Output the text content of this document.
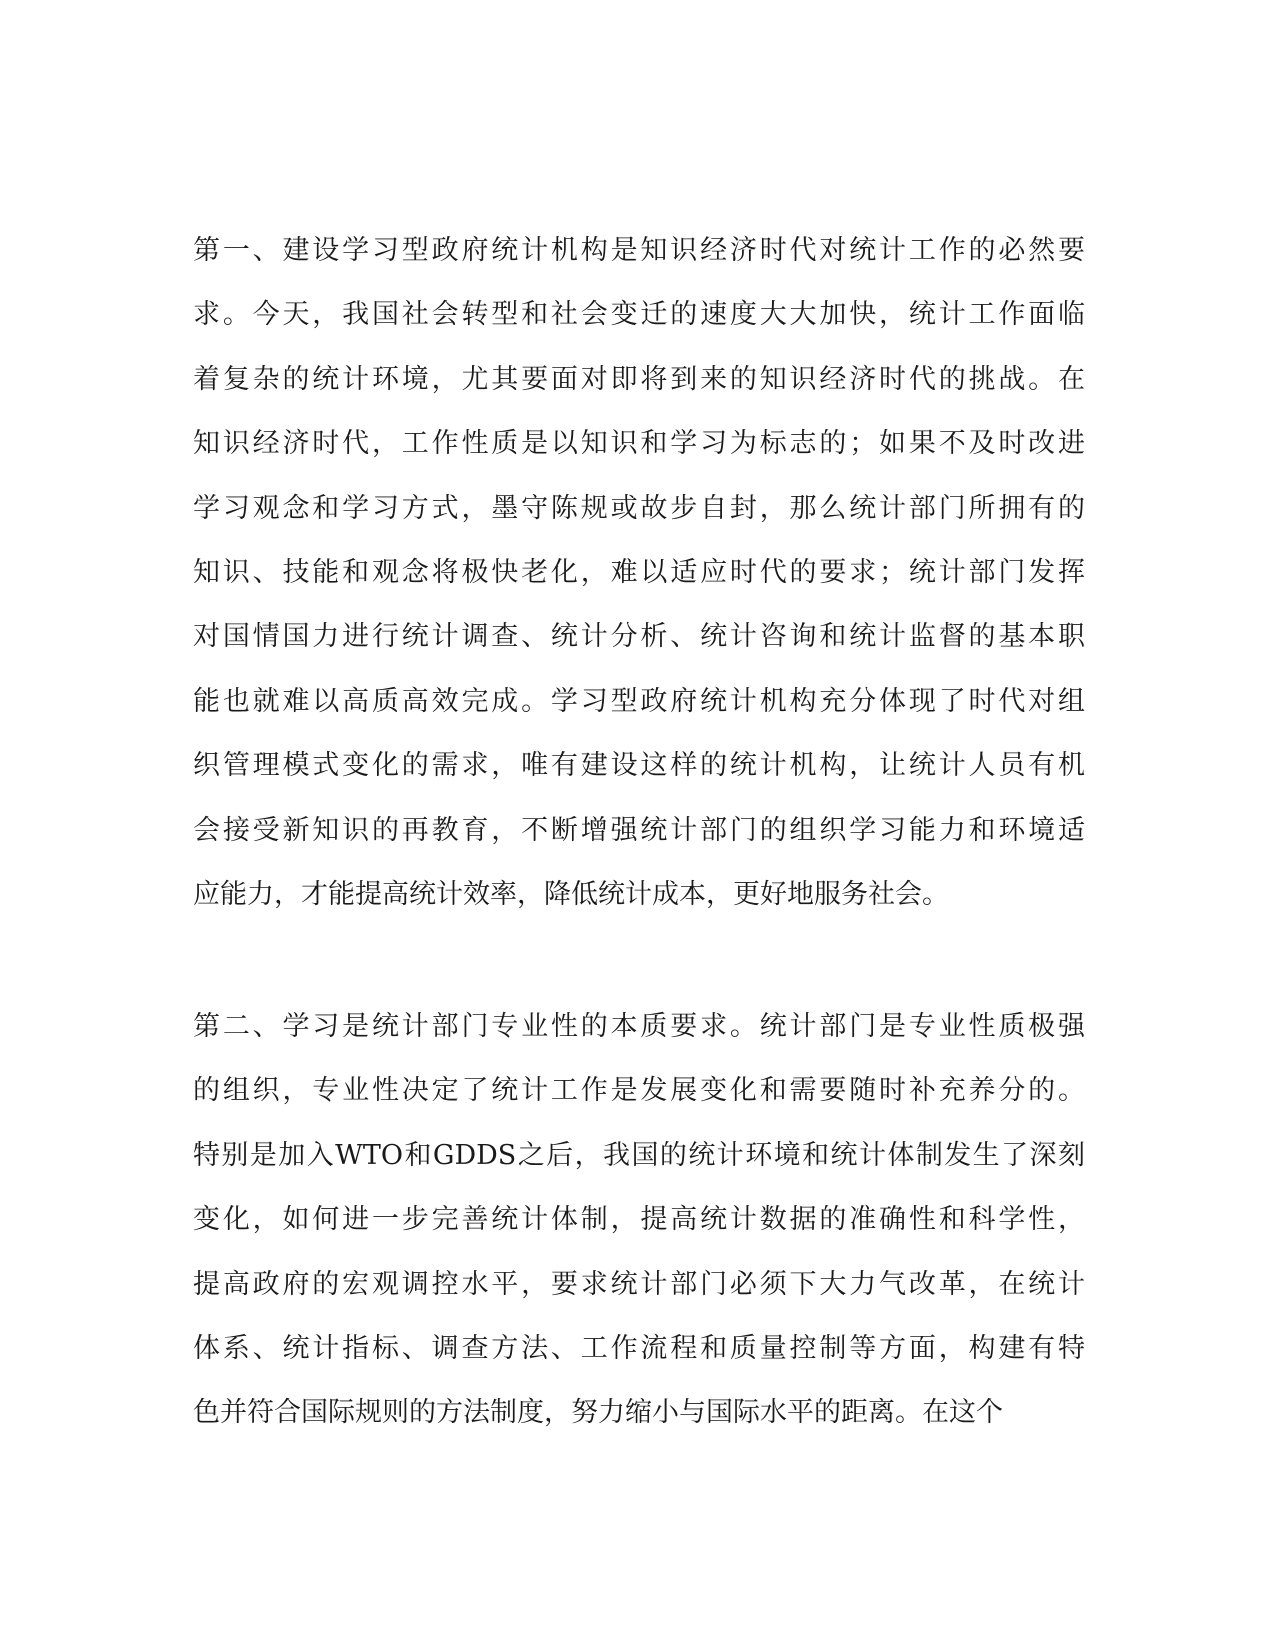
第一、建设学习型政府统计机构是知识经济时代对统计工作的必然要
求。今天，我国社会转型和社会变迁的速度大大加快，统计工作面临
着复杂的统计环境，尤其要面对即将到来的知识经济时代的挑战。在
知识经济时代，工作性质是以知识和学习为标志的；如果不及时改进
学习观念和学习方式，墨守陈规或故步自封，那么统计部门所拥有的
知识、技能和观念将极快老化，难以适应时代的要求；统计部门发挥
对国情国力进行统计调查、统计分析、统计咨询和统计监督的基本职
能也就难以高质高效完成。学习型政府统计机构充分体现了时代对组
织管理模式变化的需求，唯有建设这样的统计机构，让统计人员有机
会接受新知识的再教育，不断增强统计部门的组织学习能力和环境适
应能力，才能提高统计效率，降低统计成本，更好地服务社会。
第二、学习是统计部门专业性的本质要求。统计部门是专业性质极强
的组织，专业性决定了统计工作是发展变化和需要随时补充养分的。
特别是加入WTO和GDDS之后，我国的统计环境和统计体制发生了深刻
变化，如何进一步完善统计体制，提高统计数据的准确性和科学性，
提高政府的宏观调控水平，要求统计部门必须下大力气改革，在统计
体系、统计指标、调查方法、工作流程和质量控制等方面，构建有特
色并符合国际规则的方法制度，努力缩小与国际水平的距离。在这个
